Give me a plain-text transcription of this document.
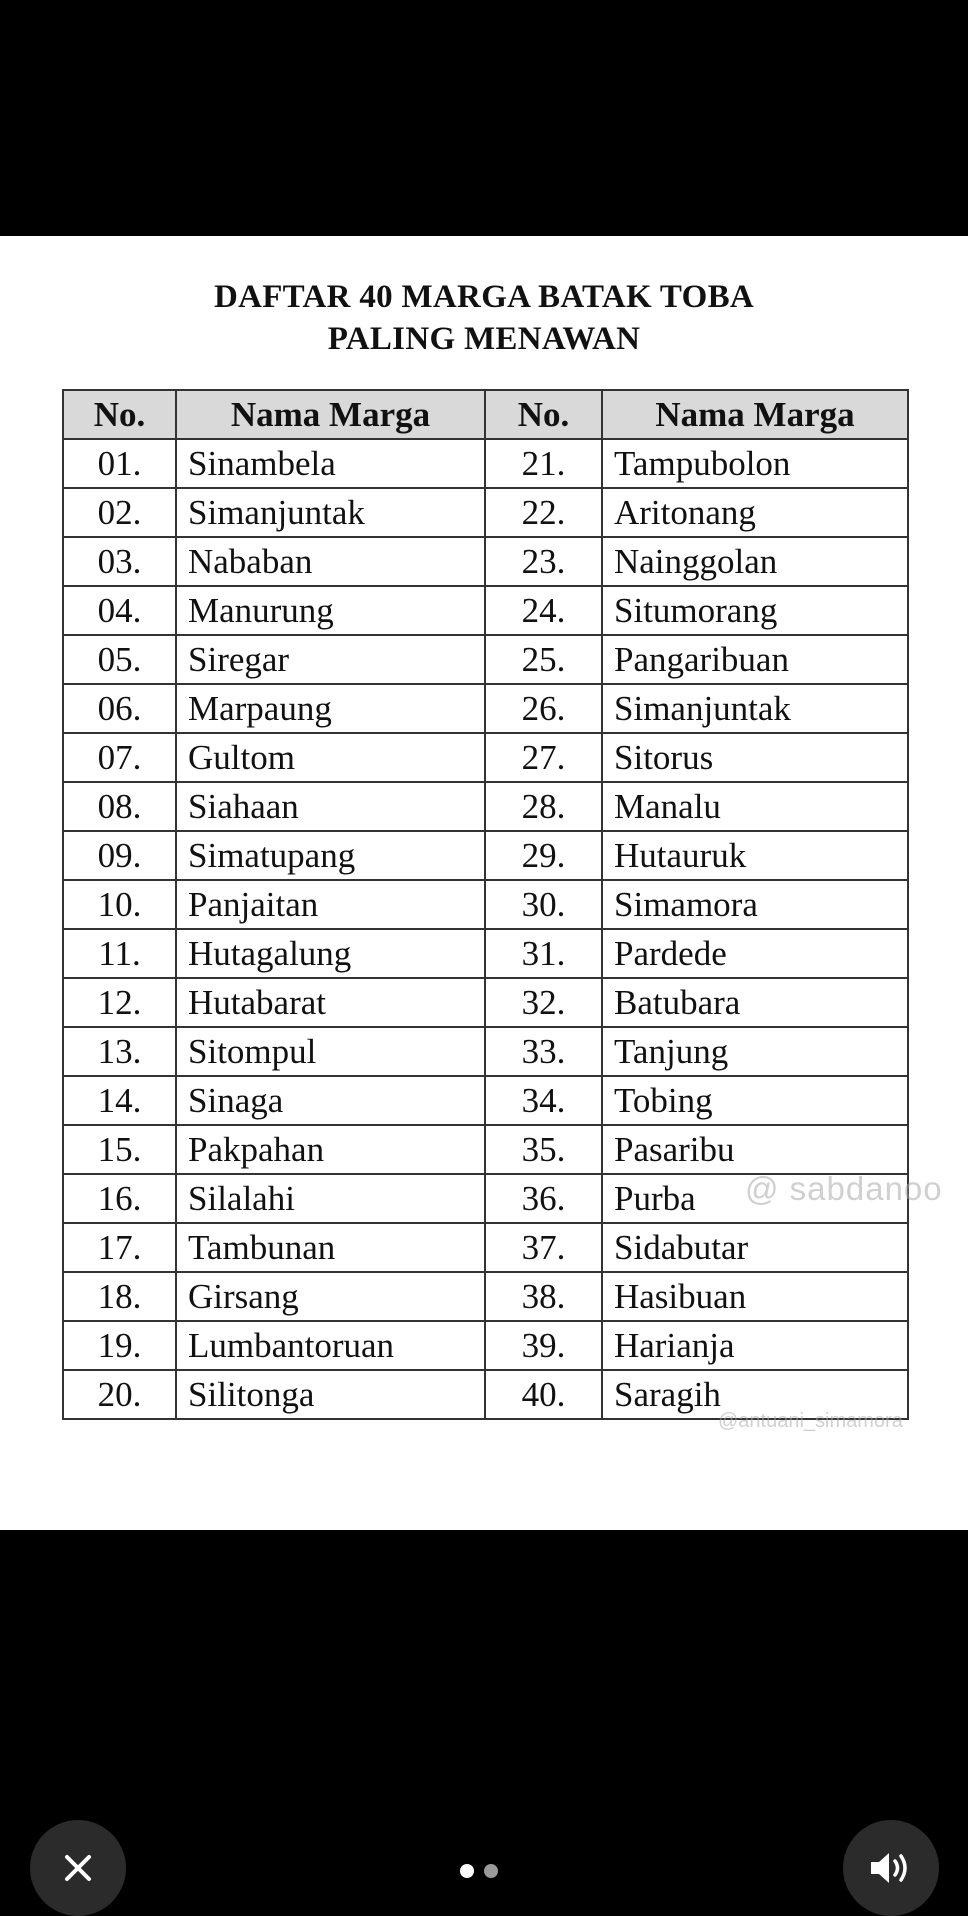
DAFTAR 40 MARGA BATAK TOBA
PALING MENAWAN
No.	Nama Marga	No.	Nama Marga
01.	Sinambela	21.	Tampubolon
02.	Simanjuntak	22.	Aritonang
03.	Nababan	23.	Nainggolan
04.	Manurung	24.	Situmorang
05.	Siregar	25.	Pangaribuan
06.	Marpaung	26.	Simanjuntak
07.	Gultom	27.	Sitorus
08.	Siahaan	28.	Manalu
09.	Simatupang	29.	Hutauruk
10.	Panjaitan	30.	Simamora
11.	Hutagalung	31.	Pardede
12.	Hutabarat	32.	Batubara
13.	Sitompul	33.	Tanjung
14.	Sinaga	34.	Tobing
15.	Pakpahan	35.	Pasaribu
16.	Silalahi	36.	Purba
17.	Tambunan	37.	Sidabutar
18.	Girsang	38.	Hasibuan
19.	Lumbantoruan	39.	Harianja
20.	Silitonga	40.	Saragih
@ sabdanoo
@antuani_simamora
